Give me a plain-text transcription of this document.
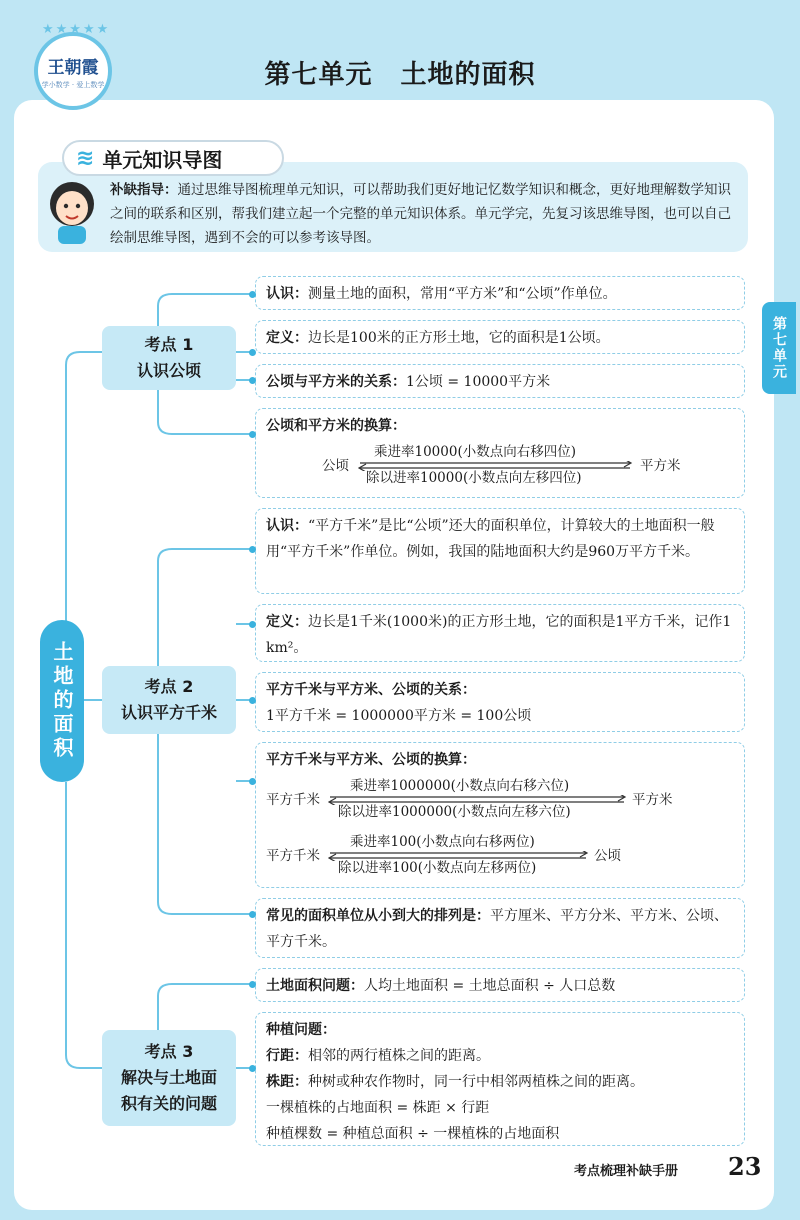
★★★★★
王朝霞
学小数学 · 爱上数学	第七单元 土地的面积
≋ 单元知识导图
补缺指导：通过思维导图梳理单元知识，可以帮助我们更好地记忆数学知识和概念，更好地理解数学知识之间的联系和区别，帮我们建立起一个完整的单元知识体系。单元学完，先复习该思维导图，也可以自己绘制思维导图，遇到不会的可以参考该导图。
第七单元
土地的面积
考点 1
认识公顷
考点 2
认识平方千米
考点 3
解决与土地面
积有关的问题
认识：测量土地的面积，常用“平方米”和“公顷”作单位。
定义：边长是100米的正方形土地，它的面积是1公顷。
公顷与平方米的关系：1公顷 = 10000平方米
公顷和平方米的换算：
公顷
乘进率10000(小数点向右移四位)
平方米
除以进率10000(小数点向左移四位)
认识：“平方千米”是比“公顷”还大的面积单位，计算较大的土地面积一般用“平方千米”作单位。例如，我国的陆地面积大约是960万平方千米。
定义：边长是1千米(1000米)的正方形土地，它的面积是1平方千米，记作1 km²。
平方千米与平方米、公顷的关系：
1平方千米 = 1000000平方米 = 100公顷
平方千米与平方米、公顷的换算：
平方千米
乘进率1000000(小数点向右移六位)
平方米
除以进率1000000(小数点向左移六位)
平方千米
乘进率100(小数点向右移两位)
公顷
除以进率100(小数点向左移两位)
常见的面积单位从小到大的排列是：平方厘米、平方分米、平方米、公顷、平方千米。
土地面积问题：人均土地面积 = 土地总面积 ÷ 人口总数
种植问题：
行距：相邻的两行植株之间的距离。
株距：种树或种农作物时，同一行中相邻两植株之间的距离。
一棵植株的占地面积 = 株距 × 行距
种植棵数 = 种植总面积 ÷ 一棵植株的占地面积
考点梳理补缺手册 23
